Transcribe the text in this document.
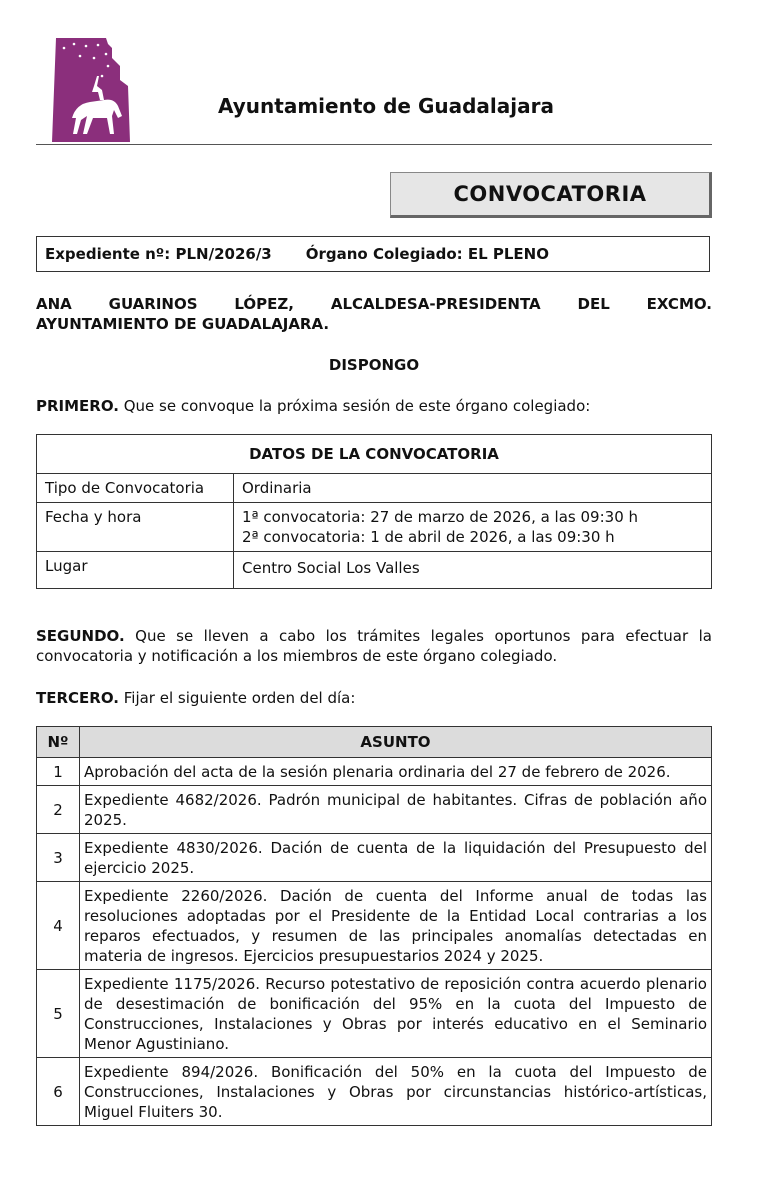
Ayuntamiento de Guadalajara
CONVOCATORIA
Expediente nº: PLN/2026/3 Órgano Colegiado: EL PLENO

ANA GUARINOS LÓPEZ, ALCALDESA-PRESIDENTA DEL EXCMO.
AYUNTAMIENTO DE GUADALAJARA.

DISPONGO

PRIMERO. Que se convoque la próxima sesión de este órgano colegiado:

DATOS DE LA CONVOCATORIA	
Tipo de Convocatoria	Ordinaria
Fecha y hora	1ª convocatoria: 27 de marzo de 2026, a las 09:30 h
2ª convocatoria: 1 de abril de 2026, a las 09:30 h

Lugar	Centro Social Los Valles

SEGUNDO. Que se lleven a cabo los trámites legales oportunos para efectuar la convocatoria y notificación a los miembros de este órgano colegiado.

TERCERO. Fijar el siguiente orden del día:

Nº	ASUNTO
1	Aprobación del acta de la sesión plenaria ordinaria del 27 de febrero de 2026.
2	Expediente 4682/2026. Padrón municipal de habitantes. Cifras de población año 2025.
3	Expediente 4830/2026. Dación de cuenta de la liquidación del Presupuesto del ejercicio 2025.
4	Expediente 2260/2026. Dación de cuenta del Informe anual de todas las resoluciones adoptadas por el Presidente de la Entidad Local contrarias a los reparos efectuados, y resumen de las principales anomalías detectadas en materia de ingresos. Ejercicios presupuestarios 2024 y 2025.
5	Expediente 1175/2026. Recurso potestativo de reposición contra acuerdo plenario de desestimación de bonificación del 95% en la cuota del Impuesto de Construcciones, Instalaciones y Obras por interés educativo en el Seminario Menor Agustiniano.
6	Expediente 894/2026. Bonificación del 50% en la cuota del Impuesto de Construcciones, Instalaciones y Obras por circunstancias histórico-artísticas, Miguel Fluiters 30.
